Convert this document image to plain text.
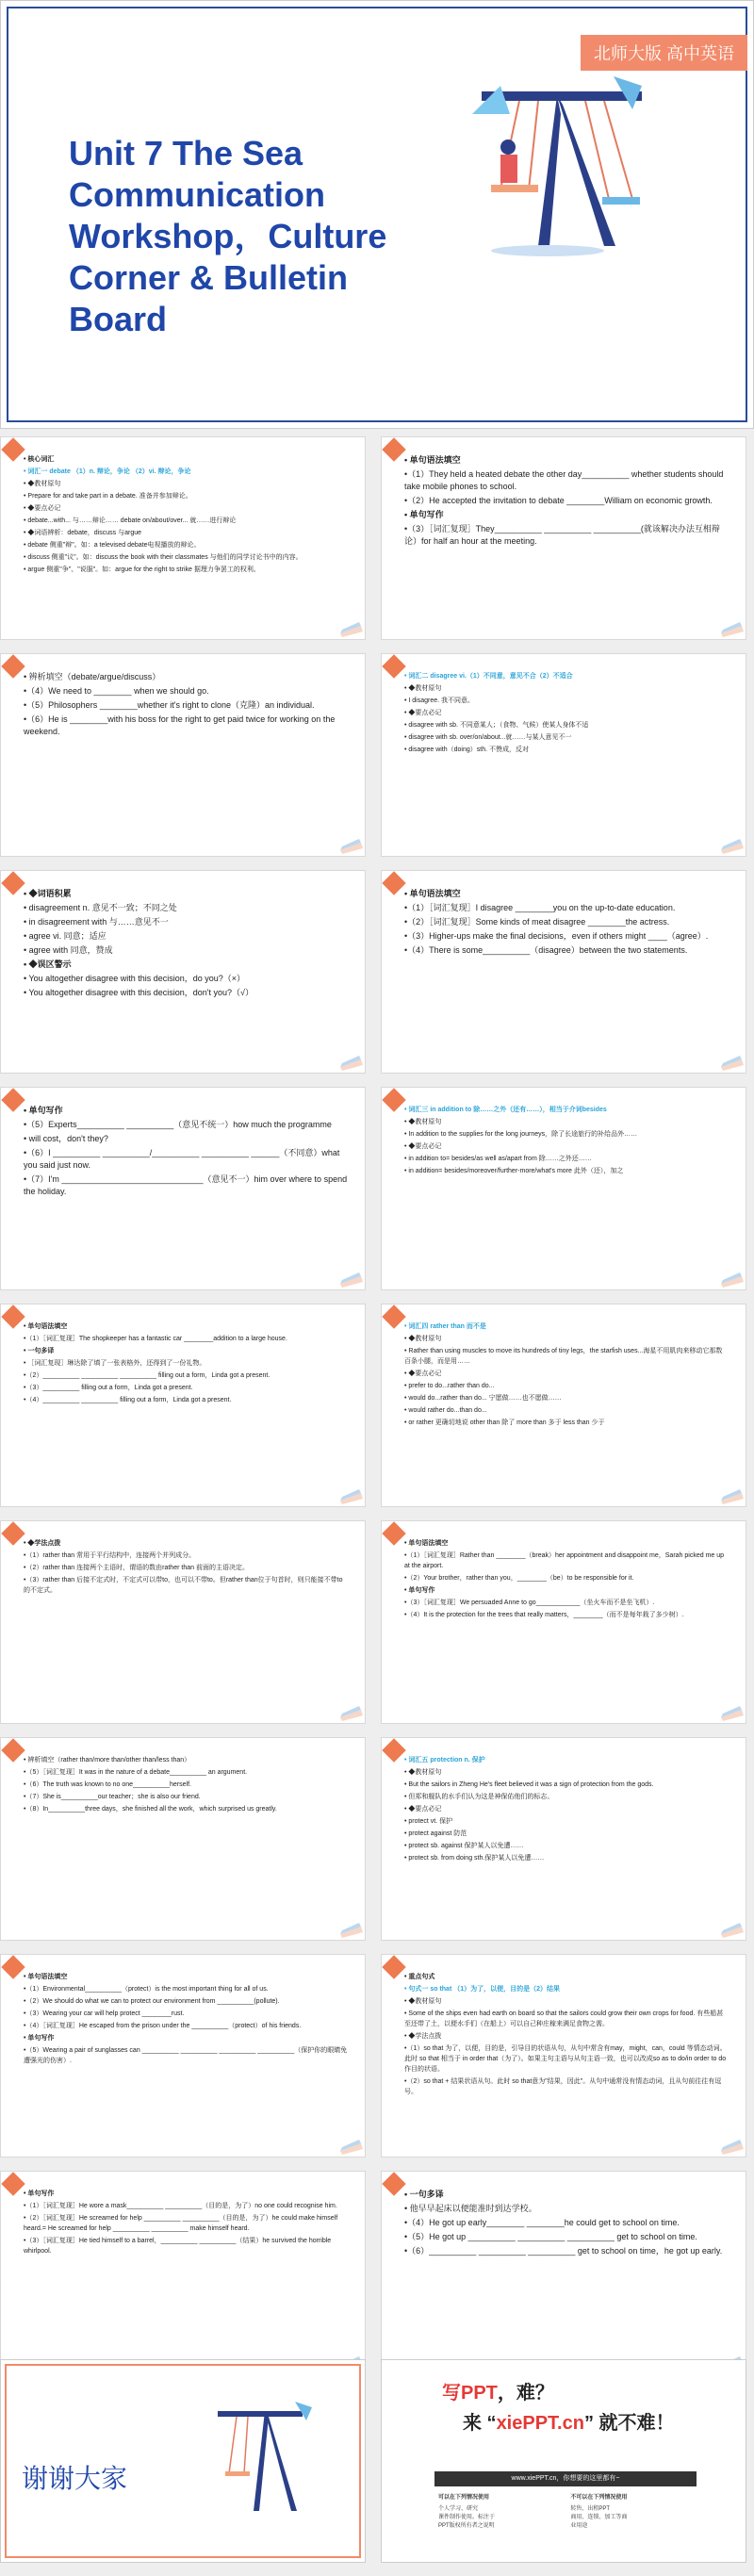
北师大版 高中英语
Unit 7 The Sea Communication Workshop，Culture Corner & Bulletin Board
• 核心词汇
• 词汇一 debate （1）n. 辩论，争论 （2）vi. 辩论，争论
• ◆教材原句
• Prepare for and take part in a debate. 准备并参加辩论。
• ◆要点必记
• debate...with... 与……辩论…… debate on/about/over... 就……进行辩论
• ◆词语辨析：debate，discuss 与argue
• debate 侧重"辩"。如：a televised debate电视播放的辩论。
• discuss 侧重"议"。如：discuss the book with their classmates 与他们的同学讨论书中的内容。
• argue 侧重"争"、"说服"。如：argue for the right to strike 据理力争罢工的权利。
• 单句语法填空
•（1）They held a heated debate the other day__________ whether students should take mobile phones to school.
•（2）He accepted the invitation to debate ________William on economic growth.
• 单句写作
•（3）［词汇复现］They__________ __________ __________(就该解决办法互相辩论）for half an hour at the meeting.
• 辨析填空（debate/argue/discuss）
•（4）We need to ________ when we should go.
•（5）Philosophers ________whether it's right to clone（克隆）an individual.
•（6）He is ________with his boss for the right to get paid twice for working on the weekend.
• 词汇二 disagree vi.（1）不同意，意见不合（2）不适合
• ◆教材原句
• I disagree. 我不同意。
• ◆要点必记
• disagree with sb. 不同意某人；（食物、气候）使某人身体不适
• disagree with sb. over/on/about...就……与某人意见不一
• disagree with（doing）sth. 不赞成，反对
• ◆词语积累
• disagreement n. 意见不一致；不同之处
• in disagreement with 与……意见不一
• agree vi. 同意；适应
• agree with 同意，赞成
• ◆误区警示
• You altogether disagree with this decision，do you?（×）
• You altogether disagree with this decision，don't you?（√）
• 单句语法填空
•（1）［词汇复现］I disagree ________you on the up-to-date education.
•（2）［词汇复现］Some kinds of meat disagree ________the actress.
•（3）Higher-ups make the final decisions，even if others might ____（agree）.
•（4）There is some__________（disagree）between the two statements.
• 单句写作
•（5）Experts__________ __________（意见不统一）how much the programme
• will cost，don't they?
•（6）I __________ __________/__________ __________ ______（不同意）what you said just now.
•（7）I'm ______________________________（意见不一）him over where to spend the holiday.
• 词汇三 in addition to 除……之外（还有……），相当于介词besides
• ◆教材原句
• In addition to the supplies for the long journeys，除了长途旅行的补给品外……
• ◆要点必记
• in addition to= besides/as well as/apart from 除……之外还……
• in addition= besides/moreover/further-more/what's more 此外（还），加之
• 单句语法填空
•（1）［词汇复现］The shopkeeper has a fantastic car ________addition to a large house.
• 一句多译
• ［词汇复现］琳达除了填了一张表格外，还得到了一份礼物。
•（2）__________ __________ __________ filling out a form，Linda got a present.
•（3）__________ filling out a form，Linda got a present.
•（4）__________ __________ filling out a form，Linda got a present.
• 词汇四 rather than 而不是
• ◆教材原句
• Rather than using muscles to move its hundreds of tiny legs，the starfish uses...海星不用肌肉来移动它那数百条小腿，而是用……
• ◆要点必记
• prefer to do...rather than do...
• would do...rather than do... 宁愿做……也不愿做……
• would rather do...than do...
• or rather 更确切地说 other than 除了 more than 多于 less than 少于
• ◆学法点拨
•（1）rather than 常用于平行结构中，连接两个并列成分。
•（2）rather than 连接两个主语时，谓语的数由rather than 前面的主语决定。
•（3）rather than 后接不定式时，不定式可以带to，也可以不带to。但rather than位于句首时，则只能接不带to的不定式。
• 单句语法填空
•（1）［词汇复现］Rather than ________（break）her appointment and disappoint me，Sarah picked me up at the airport.
•（2）Your brother，rather than you，________（be）to be responsible for it.
• 单句写作
•（3）［词汇复现］We persuaded Anne to go____________（坐火车而不是坐飞机）.
•（4）It is the protection for the trees that really matters，________（而不是每年栽了多少树）.
• 辨析填空（rather than/more than/other than/less than）
•（5）［词汇复现］It was in the nature of a debate__________ an argument.
•（6）The truth was known to no one__________herself.
•（7）She is__________our teacher；she is also our friend.
•（8）In__________three days，she finished all the work，which surprised us greatly.
• 词汇五 protection n. 保护
• ◆教材原句
• But the sailors in Zheng He's fleet believed it was a sign of protection from the gods.
• 但郑和舰队的水手们认为这是神保佑他们的标志。
• ◆要点必记
• protect vt. 保护
• protect against 防范
• protect sb. against 保护某人以免遭……
• protect sb. from doing sth.保护某人以免遭……
• 单句语法填空
•（1）Environmental__________（protect）is the most important thing for all of us.
•（2）We should do what we can to protect our environment from __________(pollute).
•（3）Wearing your car will help protect ________rust.
•（4）［词汇复现］He escaped from the prison under the __________（protect）of his friends.
• 单句写作
•（5）Wearing a pair of sunglasses can __________ __________ __________ __________（保护你的眼睛免遭强光的伤害）.
• 重点句式
• 句式一 so that （1）为了，以便，目的是（2）结果
• ◆教材原句
• Some of the ships even had earth on board so that the sailors could grow their own crops for food. 有些船甚至还带了土，以便水手们（在船上）可以自己种庄稼来满足食物之需。
• ◆学法点拨
•（1）so that 为了，以便，目的是，引导目的状语从句，从句中常含有may，might，can，could 等情态动词。此时 so that 相当于 in order that（为了）。如果主句主语与从句主语一致，也可以改成so as to do/in order to do 作目的状语。
•（2）so that + 结果状语从句。此时 so that意为"结果，因此"。从句中通常没有情态动词，且从句前往往有逗号。
• 单句写作
•（1）［词汇复现］He wore a mask__________ __________（目的是，为了）no one could recognise him.
•（2）［词汇复现］He screamed for help __________ __________（目的是，为了）he could make himself heard.= He screamed for help __________ __________ make himself heard.
•（3）［词汇复现］He tied himself to a barrel，__________ __________（结果）he survived the horrible whirlpool.
• 一句多译
• 他早早起床以便能准时到达学校。
•（4）He got up early________ ________he could get to school on time.
•（5）He got up __________ __________ __________ get to school on time.
•（6）__________ __________ __________ get to school on time，he got up early.
谢谢大家
写PPT，难？
来 “xiePPT.cn” 就不难！
www.xiePPT.cn，你想要的这里都有~
可以在下列情况使用
个人学习、研究
课件制作使用。标注于PPT版权所有者之说明
不可以在下列情况使用
转售、出租PPT
商用、连锁、加工等商业用途
